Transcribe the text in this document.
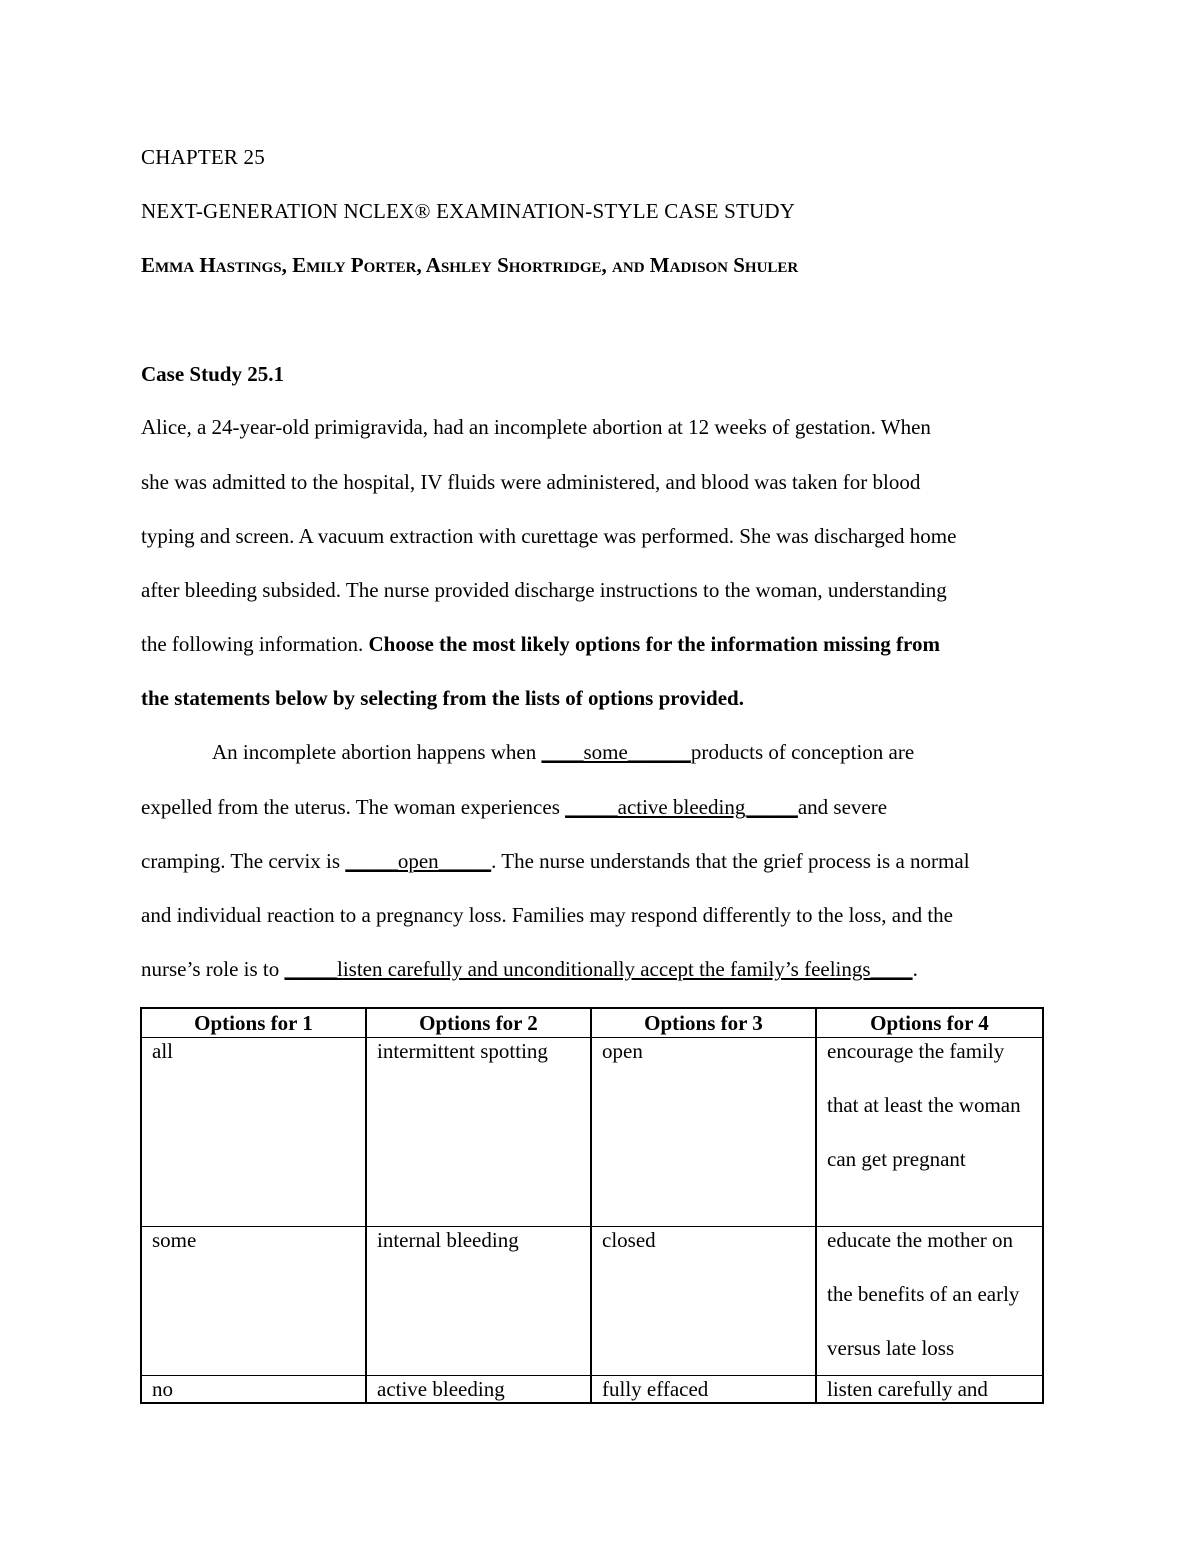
CHAPTER 25
NEXT-GENERATION NCLEX® EXAMINATION-STYLE CASE STUDY
Emma Hastings, Emily Porter, Ashley Shortridge, and Madison Shuler
Case Study 25.1
Alice, a 24-year-old primigravida, had an incomplete abortion at 12 weeks of gestation. When
she was admitted to the hospital, IV fluids were administered, and blood was taken for blood
typing and screen. A vacuum extraction with curettage was performed. She was discharged home
after bleeding subsided. The nurse provided discharge instructions to the woman, understanding
the following information. Choose the most likely options for the information missing from
the statements below by selecting from the lists of options provided.
An incomplete abortion happens when ____some______products of conception are
expelled from the uterus. The woman experiences _____active bleeding_____and severe
cramping. The cervix is _____open_____. The nurse understands that the grief process is a normal
and individual reaction to a pregnancy loss. Families may respond differently to the loss, and the
nurse’s role is to _____listen carefully and unconditionally accept the family’s feelings____.
Options for 1	Options for 2	Options for 3	Options for 4

all	intermittent spotting	open	encourage the family that at least the woman can get pregnant

some	internal bleeding	closed	educate the mother on the benefits of an early versus late loss

no	active bleeding	fully effaced	listen carefully and
